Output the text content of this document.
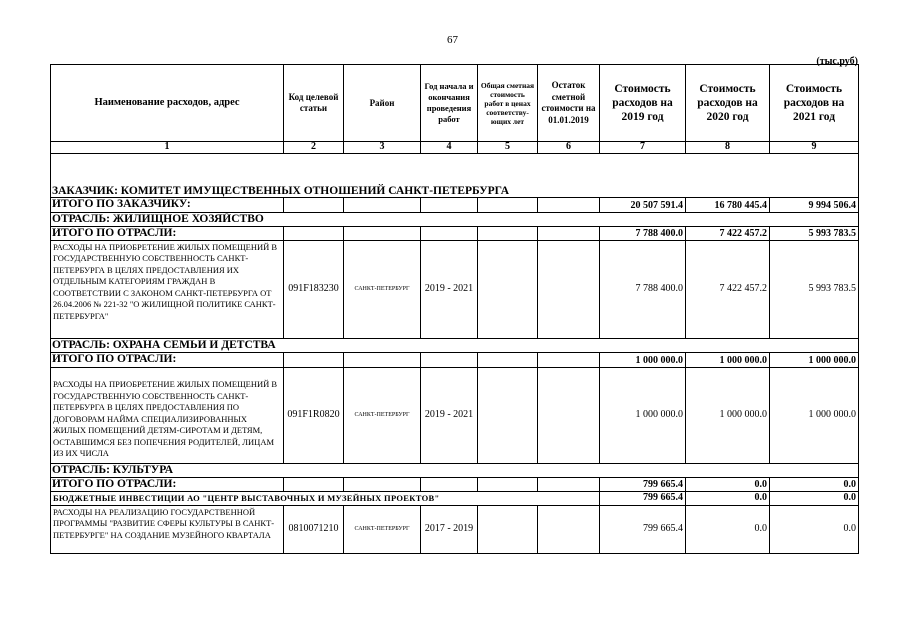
67
(тыс.руб)
Наименование расходов, адрес	Код целевой статьи	Район	Год начала и окончания проведения работ	Общая сметная стоимость работ в ценах соответству-ющих лет	Остаток сметной стоимости на 01.01.2019	Стоимость расходов на 2019 год	Стоимость расходов на 2020 год	Стоимость расходов на 2021 год
1	2	3	4	5	6	7	8	9
ЗАКАЗЧИК: КОМИТЕТ ИМУЩЕСТВЕННЫХ ОТНОШЕНИЙ САНКТ-ПЕТЕРБУРГА								
ИТОГО ПО ЗАКАЗЧИКУ:						20 507 591.4	16 780 445.4	9 994 506.4
ОТРАСЛЬ: ЖИЛИЩНОЕ ХОЗЯЙСТВО								
ИТОГО ПО ОТРАСЛИ:						7 788 400.0	7 422 457.2	5 993 783.5
РАСХОДЫ НА ПРИОБРЕТЕНИЕ ЖИЛЫХ ПОМЕЩЕНИЙ В ГОСУДАРСТВЕННУЮ СОБСТВЕННОСТЬ САНКТ-ПЕТЕРБУРГА В ЦЕЛЯХ ПРЕДОСТАВЛЕНИЯ ИХ ОТДЕЛЬНЫМ КАТЕГОРИЯМ ГРАЖДАН В СООТВЕТСТВИИ С ЗАКОНОМ САНКТ-ПЕТЕРБУРГА ОТ 26.04.2006 № 221-32 "О ЖИЛИЩНОЙ ПОЛИТИКЕ САНКТ-ПЕТЕРБУРГА"	091F183230	САНКТ-ПЕТЕРБУРГ	2019 - 2021			7 788 400.0	7 422 457.2	5 993 783.5
ОТРАСЛЬ: ОХРАНА СЕМЬИ И ДЕТСТВА								
ИТОГО ПО ОТРАСЛИ:						1 000 000.0	1 000 000.0	1 000 000.0
РАСХОДЫ НА ПРИОБРЕТЕНИЕ ЖИЛЫХ ПОМЕЩЕНИЙ В ГОСУДАРСТВЕННУЮ СОБСТВЕННОСТЬ САНКТ-ПЕТЕРБУРГА В ЦЕЛЯХ ПРЕДОСТАВЛЕНИЯ ПО ДОГОВОРАМ НАЙМА СПЕЦИАЛИЗИРОВАННЫХ ЖИЛЫХ ПОМЕЩЕНИЙ ДЕТЯМ-СИРОТАМ И ДЕТЯМ, ОСТАВШИМСЯ БЕЗ ПОПЕЧЕНИЯ РОДИТЕЛЕЙ, ЛИЦАМ ИЗ ИХ ЧИСЛА	091F1R0820	САНКТ-ПЕТЕРБУРГ	2019 - 2021			1 000 000.0	1 000 000.0	1 000 000.0
ОТРАСЛЬ: КУЛЬТУРА								
ИТОГО ПО ОТРАСЛИ:						799 665.4	0.0	0.0
БЮДЖЕТНЫЕ ИНВЕСТИЦИИ АО "ЦЕНТР ВЫСТАВОЧНЫХ И МУЗЕЙНЫХ ПРОЕКТОВ"						799 665.4	0.0	0.0
РАСХОДЫ НА РЕАЛИЗАЦИЮ ГОСУДАРСТВЕННОЙ ПРОГРАММЫ "РАЗВИТИЕ СФЕРЫ КУЛЬТУРЫ В САНКТ-ПЕТЕРБУРГЕ" НА СОЗДАНИЕ МУЗЕЙНОГО КВАРТАЛА	0810071210	САНКТ-ПЕТЕРБУРГ	2017 - 2019			799 665.4	0.0	0.0
